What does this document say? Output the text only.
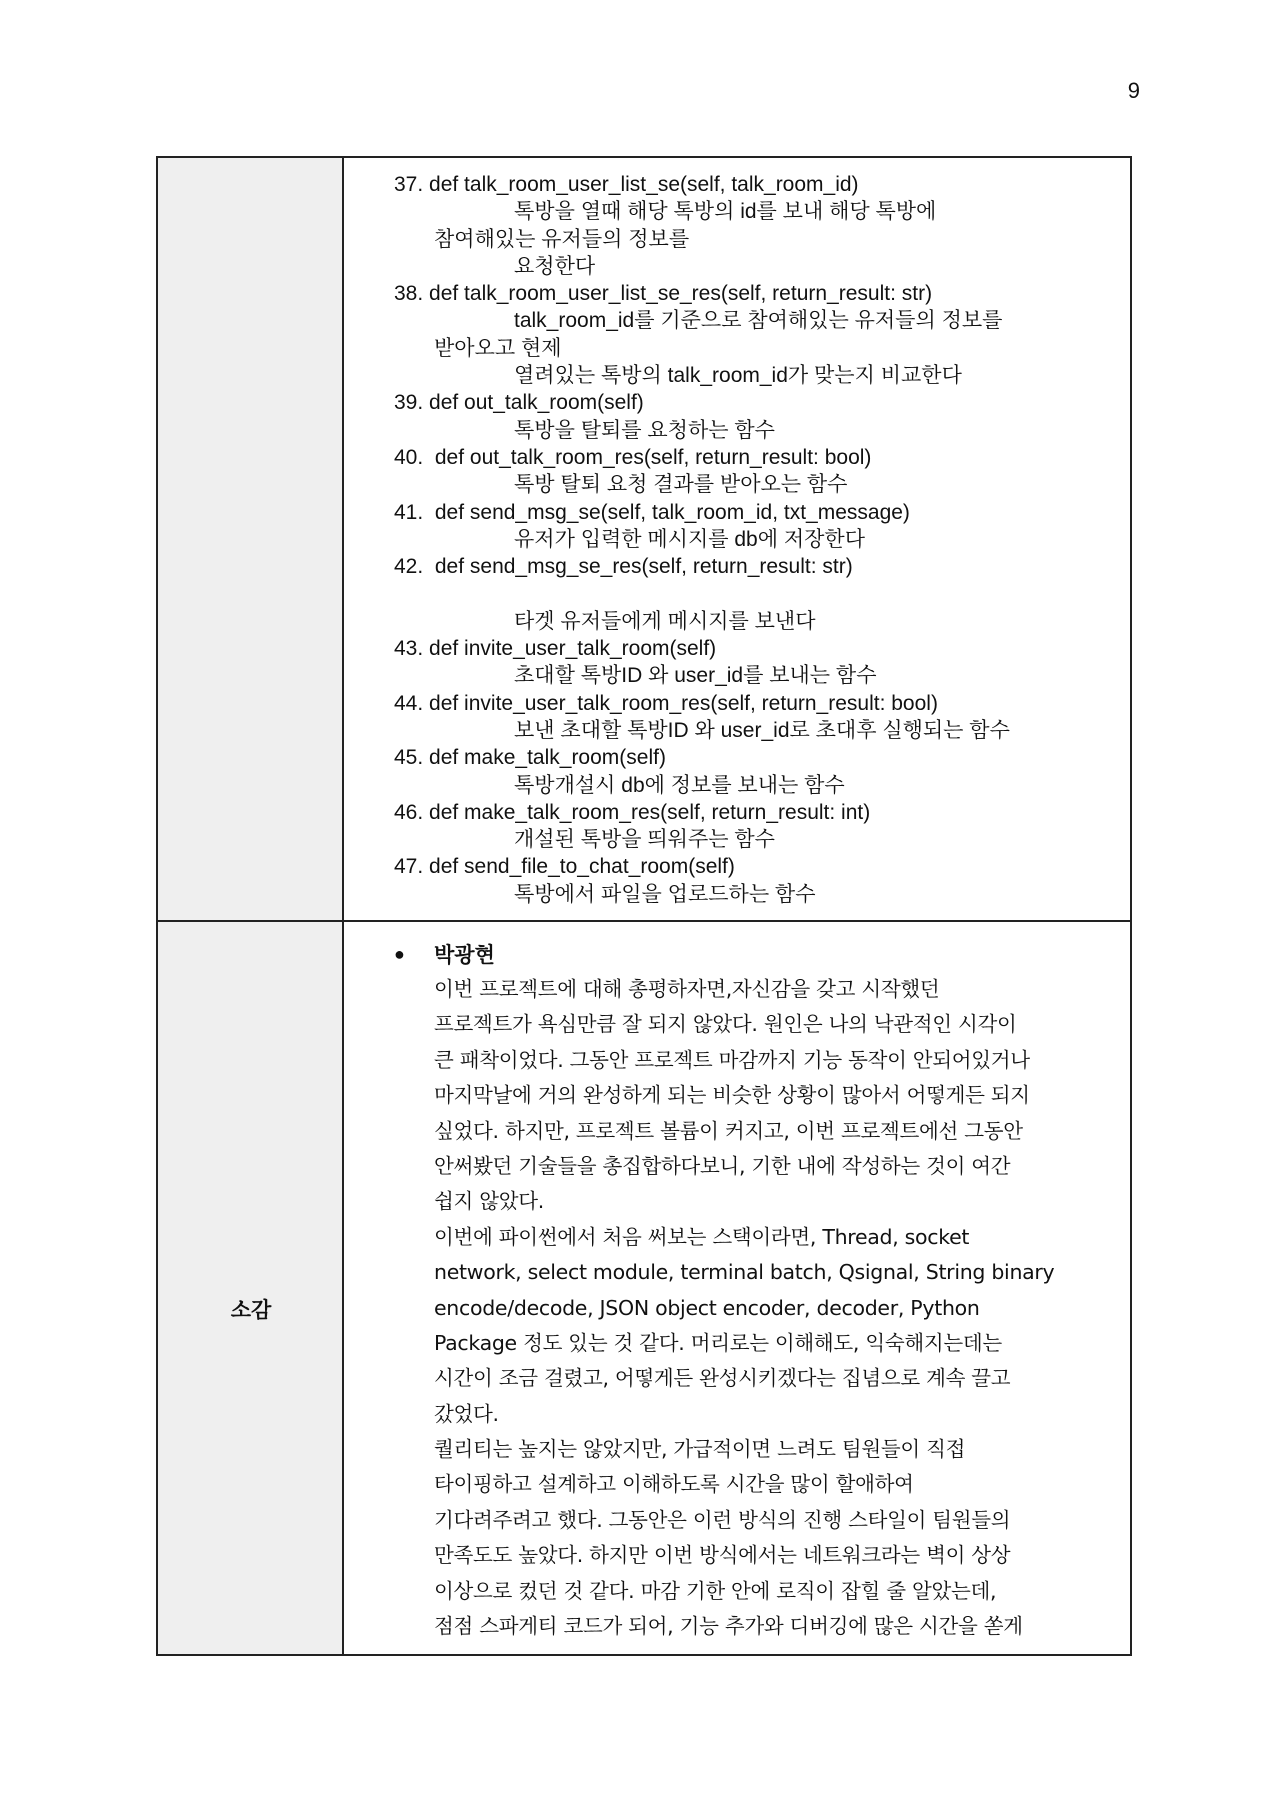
9
37. def talk_room_user_list_se(self, talk_room_id)
톡방을 열때 해당 톡방의 id를 보내 해당 톡방에
참여해있는 유저들의 정보를
요청한다
38. def talk_room_user_list_se_res(self, return_result: str)
talk_room_id를 기준으로 참여해있는 유저들의 정보를
받아오고 현제
열려있는 톡방의 talk_room_id가 맞는지 비교한다
39. def out_talk_room(self)
톡방을 탈퇴를 요청하는 함수
40.  def out_talk_room_res(self, return_result: bool)
톡방 탈퇴 요청 결과를 받아오는 함수
41.  def send_msg_se(self, talk_room_id, txt_message)
유저가 입력한 메시지를 db에 저장한다
42.  def send_msg_se_res(self, return_result: str)
타겟 유저들에게 메시지를 보낸다
43. def invite_user_talk_room(self)
초대할 톡방ID 와 user_id를 보내는 함수
44. def invite_user_talk_room_res(self, return_result: bool)
보낸 초대할 톡방ID 와 user_id로 초대후 실행되는 함수
45. def make_talk_room(self)
톡방개설시 db에 정보를 보내는 함수
46. def make_talk_room_res(self, return_result: int)
개설된 톡방을 띄워주는 함수
47. def send_file_to_chat_room(self)
톡방에서 파일을 업로드하는 함수
소감
●	박광현
이번 프로젝트에 대해 총평하자면,자신감을 갖고 시작했던
프로젝트가 욕심만큼 잘 되지 않았다. 원인은 나의 낙관적인 시각이
큰 패착이었다. 그동안 프로젝트 마감까지 기능 동작이 안되어있거나
마지막날에 거의 완성하게 되는 비슷한 상황이 많아서 어떻게든 되지
싶었다. 하지만, 프로젝트 볼륨이 커지고, 이번 프로젝트에선 그동안
안써봤던 기술들을 총집합하다보니, 기한 내에 작성하는 것이 여간
쉽지 않았다.
이번에 파이썬에서 처음 써보는 스택이라면, Thread, socket
network, select module, terminal batch, Qsignal, String binary
encode/decode, JSON object encoder, decoder, Python
Package 정도 있는 것 같다. 머리로는 이해해도, 익숙해지는데는
시간이 조금 걸렸고, 어떻게든 완성시키겠다는 집념으로 계속 끌고
갔었다.
퀄리티는 높지는 않았지만, 가급적이면 느려도 팀원들이 직접
타이핑하고 설계하고 이해하도록 시간을 많이 할애하여
기다려주려고 했다. 그동안은 이런 방식의 진행 스타일이 팀원들의
만족도도 높았다. 하지만 이번 방식에서는 네트워크라는 벽이 상상
이상으로 컸던 것 같다. 마감 기한 안에 로직이 잡힐 줄 알았는데,
점점 스파게티 코드가 되어, 기능 추가와 디버깅에 많은 시간을 쏟게
